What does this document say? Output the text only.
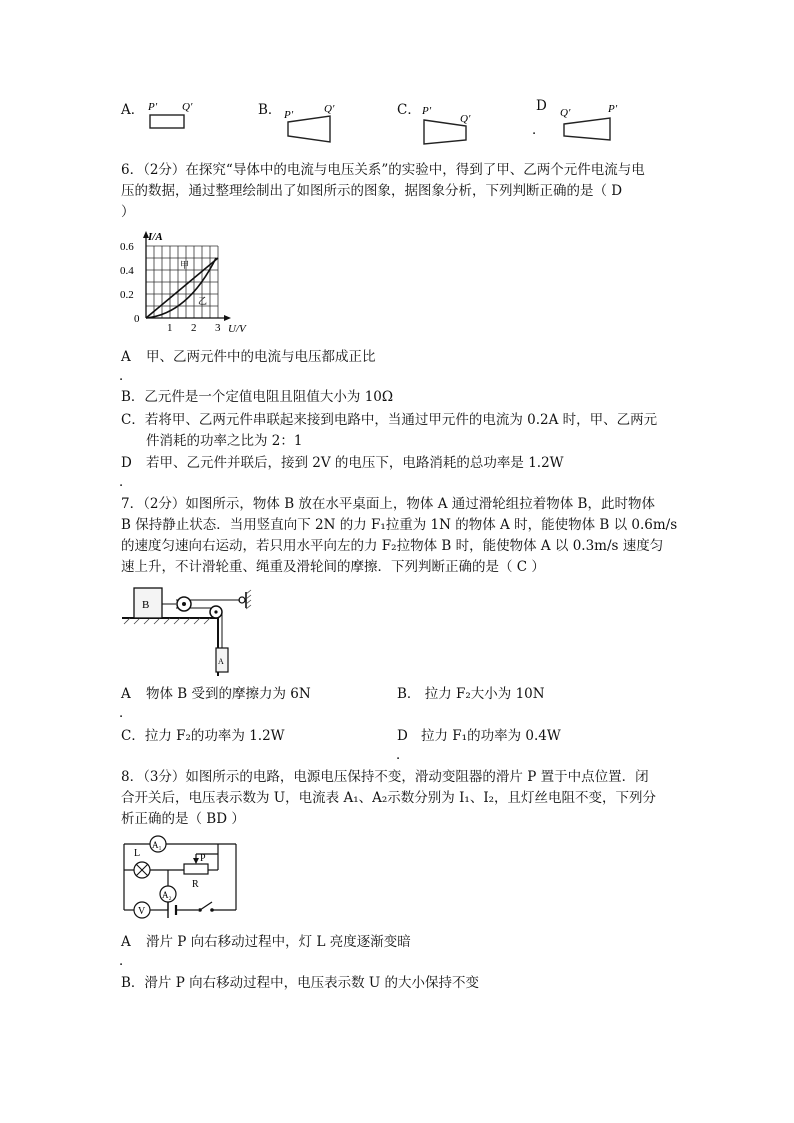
A． P′ Q′	B． P′	Q′	C． P′
Q′
D
．
Q′	P′
6．（2分）在探究“导体中的电流与电压关系”的实验中，得到了甲、乙两个元件电流与电
压的数据，通过整理绘制出了如图所示的图象，据图象分析，下列判断正确的是（ D
）
I/A
U/V
0.6
0.4
0.2
0
1 2 3
甲
乙
A 甲、乙两元件中的电流与电压都成正比
．
B．乙元件是一个定值电阻且阻值大小为 10Ω
C．若将甲、乙两元件串联起来接到电路中，当通过甲元件的电流为 0.2A 时，甲、乙两元
件消耗的功率之比为 2：1
D 若甲、乙元件并联后，接到 2V 的电压下，电路消耗的总功率是 1.2W
．
7．（2分）如图所示，物体 B 放在水平桌面上，物体 A 通过滑轮组拉着物体 B，此时物体
B 保持静止状态．当用竖直向下 2N 的力 F₁拉重为 1N 的物体 A 时，能使物体 B 以 0.6m/s
的速度匀速向右运动，若只用水平向左的力 F₂拉物体 B 时，能使物体 A 以 0.3m/s 速度匀
速上升，不计滑轮重、绳重及滑轮间的摩擦．下列判断正确的是（ C ）
B
A
A 物体 B 受到的摩擦力为 6N
．
B． 拉力 F₂大小为 10N
C．拉力 F₂的功率为 1.2W	D 拉力 F₁的功率为 0.4W
．
8．（3分）如图所示的电路，电源电压保持不变，滑动变阻器的滑片 P 置于中点位置．闭
合开关后，电压表示数为 U，电流表 A₁、A₂示数分别为 I₁、I₂，且灯丝电阻不变，下列分
析正确的是（ BD ）
A₁
L	P
R
A₂
V
A 滑片 P 向右移动过程中，灯 L 亮度逐渐变暗
．
B．滑片 P 向右移动过程中，电压表示数 U 的大小保持不变
